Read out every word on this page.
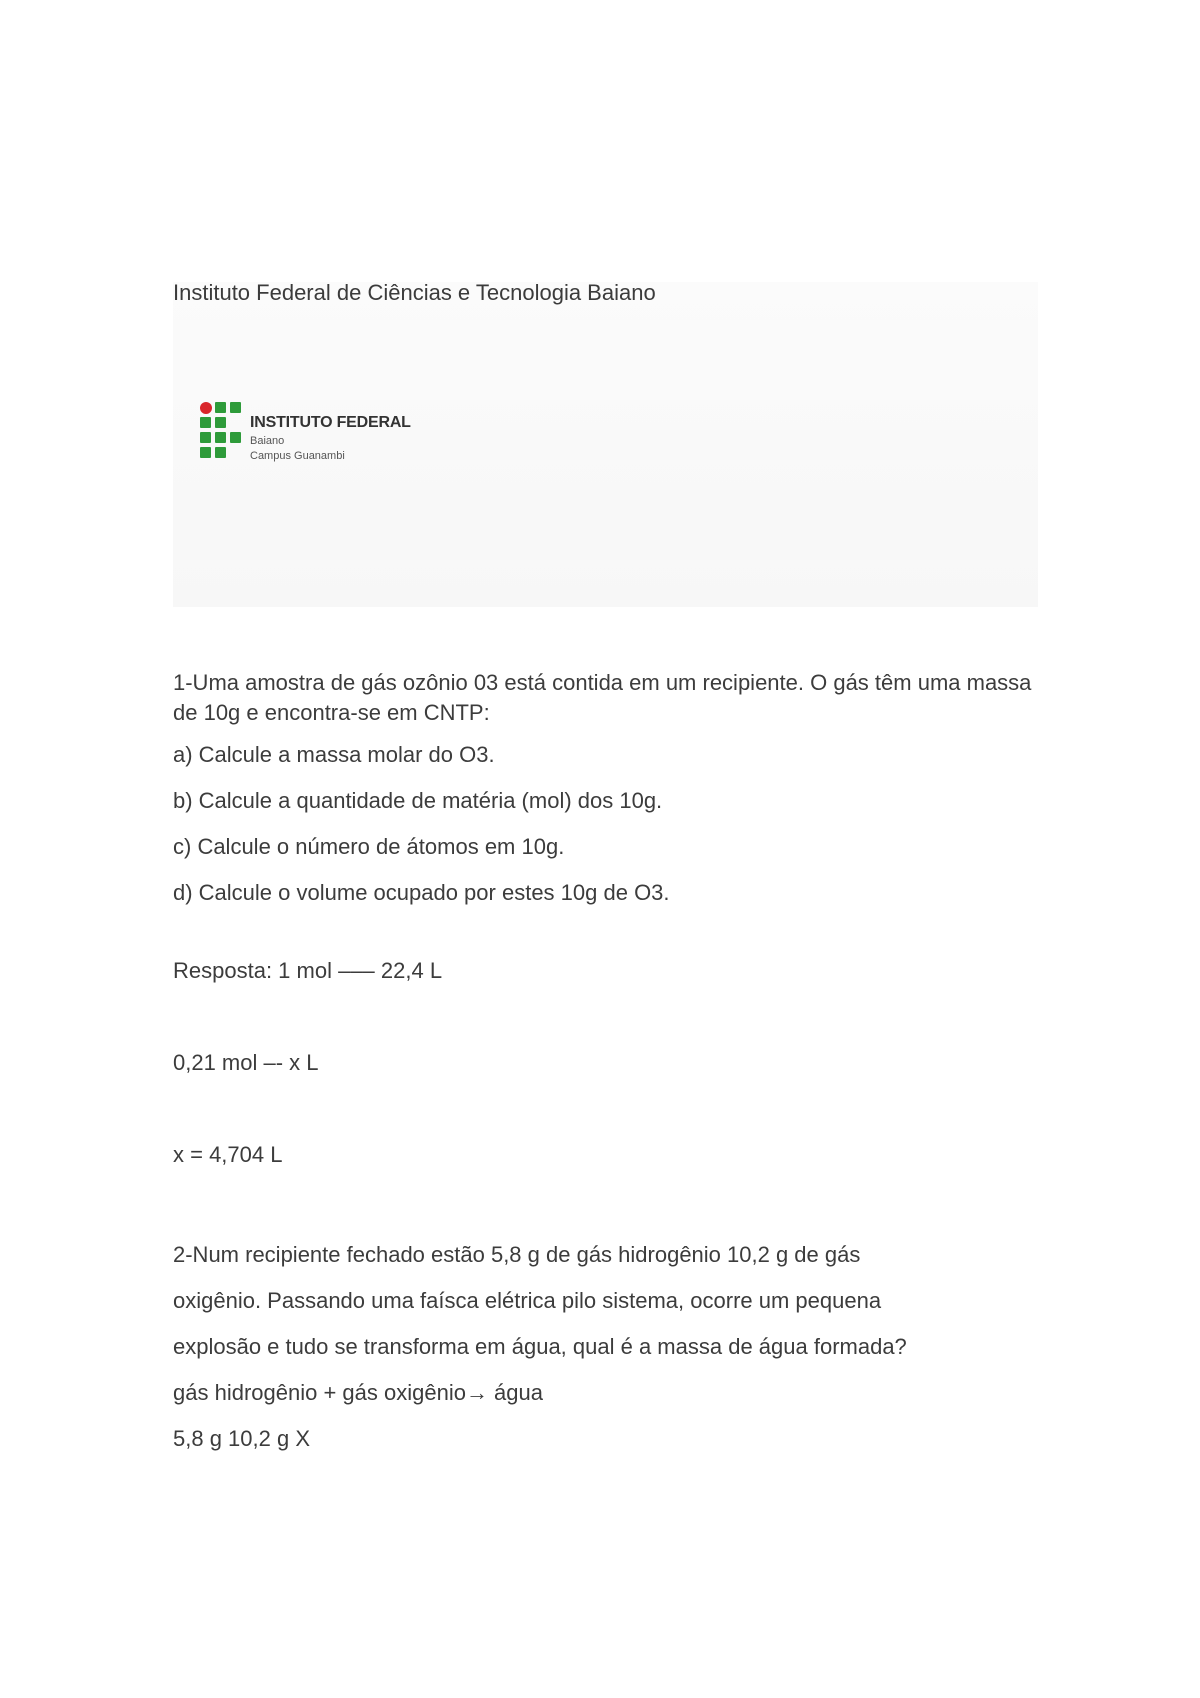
Instituto Federal de Ciências e Tecnologia Baiano
INSTITUTO FEDERAL
Baiano
Campus Guanambi

1-Uma amostra de gás ozônio 03 está contida em um recipiente. O gás têm uma massa de 10g e encontra-se em CNTP:

a) Calcule a massa molar do O3.

b) Calcule a quantidade de matéria (mol) dos 10g.

c) Calcule o número de átomos em 10g.

d) Calcule o volume ocupado por estes 10g de O3.

Resposta: 1 mol ––– 22,4 L

0,21 mol –- x L

x = 4,704 L

2-Num recipiente fechado estão 5,8 g de gás hidrogênio 10,2 g de gás
oxigênio. Passando uma faísca elétrica pilo sistema, ocorre um pequena
explosão e tudo se transforma em água, qual é a massa de água formada?
gás hidrogênio + gás oxigênio→ água
5,8 g 10,2 g X
